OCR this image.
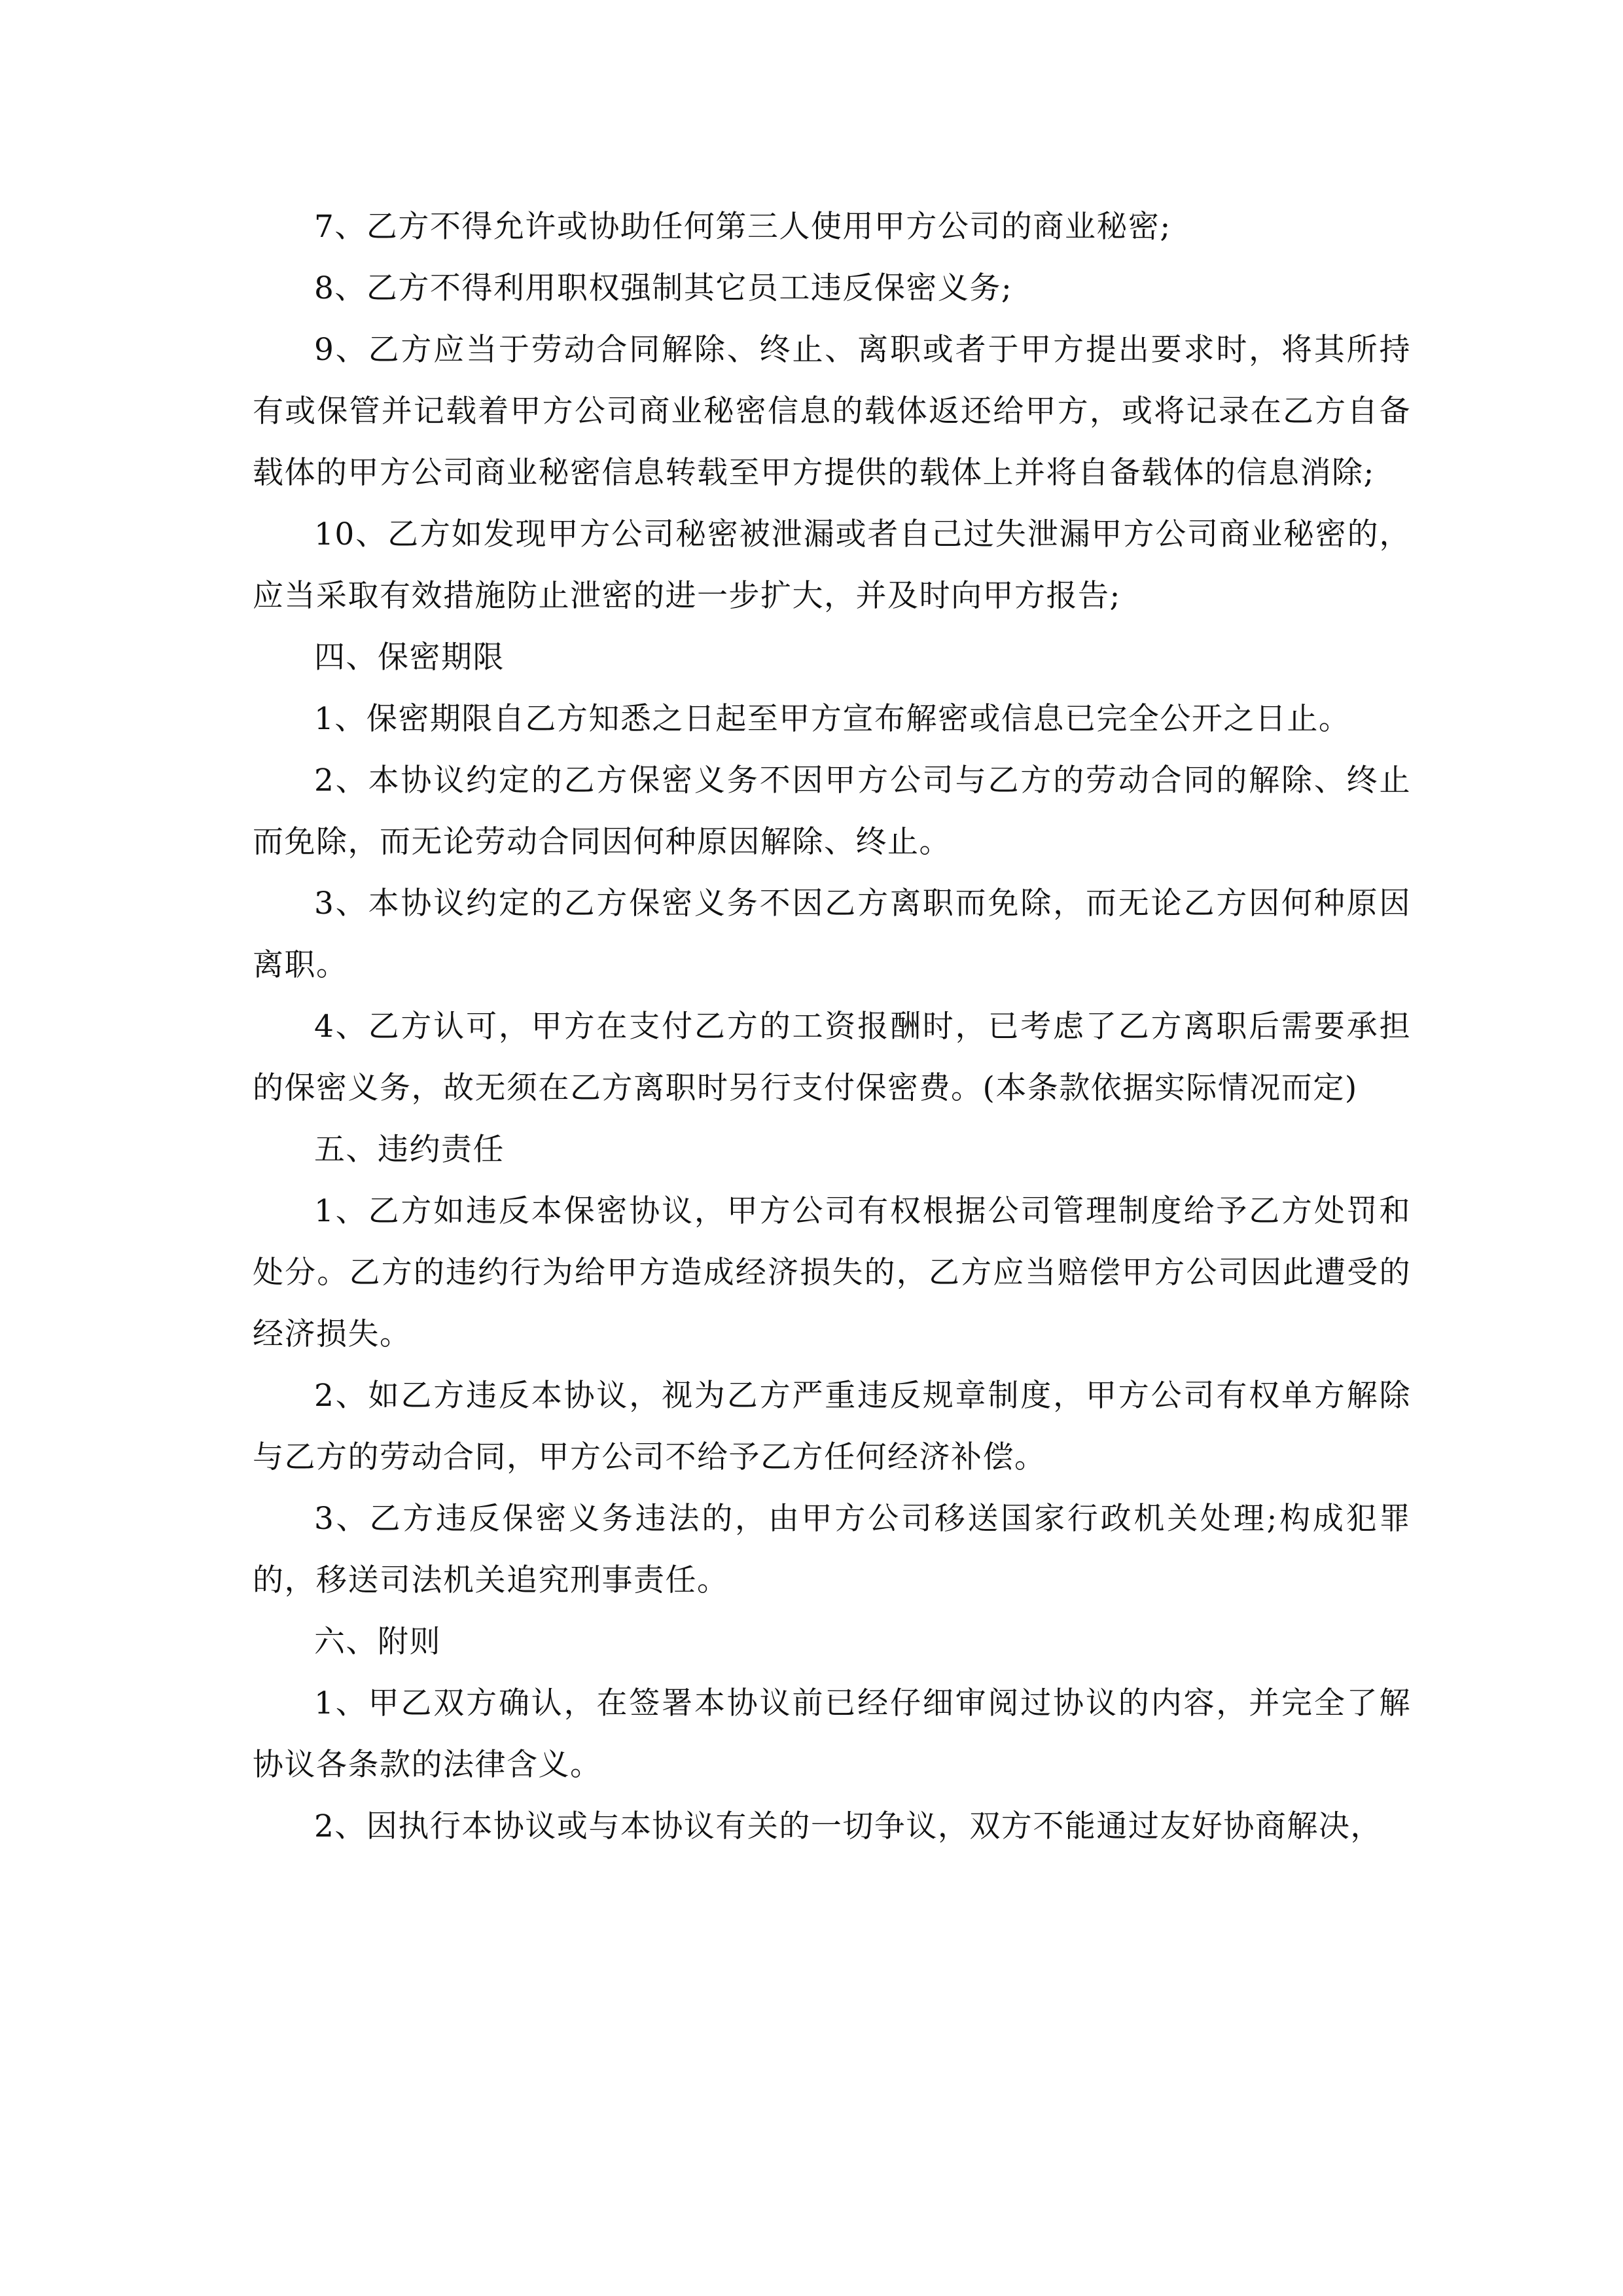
7、乙方不得允许或协助任何第三人使用甲方公司的商业秘密;

8、乙方不得利用职权强制其它员工违反保密义务;

9、乙方应当于劳动合同解除、终止、离职或者于甲方提出要求时，将其所持有或保管并记载着甲方公司商业秘密信息的载体返还给甲方，或将记录在乙方自备载体的甲方公司商业秘密信息转载至甲方提供的载体上并将自备载体的信息消除;

10、乙方如发现甲方公司秘密被泄漏或者自己过失泄漏甲方公司商业秘密的，应当采取有效措施防止泄密的进一步扩大，并及时向甲方报告;

四、保密期限

1、保密期限自乙方知悉之日起至甲方宣布解密或信息已完全公开之日止。

2、本协议约定的乙方保密义务不因甲方公司与乙方的劳动合同的解除、终止而免除，而无论劳动合同因何种原因解除、终止。

3、本协议约定的乙方保密义务不因乙方离职而免除，而无论乙方因何种原因离职。

4、乙方认可，甲方在支付乙方的工资报酬时，已考虑了乙方离职后需要承担的保密义务，故无须在乙方离职时另行支付保密费。(本条款依据实际情况而定)

五、违约责任

1、乙方如违反本保密协议，甲方公司有权根据公司管理制度给予乙方处罚和处分。乙方的违约行为给甲方造成经济损失的，乙方应当赔偿甲方公司因此遭受的经济损失。

2、如乙方违反本协议，视为乙方严重违反规章制度，甲方公司有权单方解除与乙方的劳动合同，甲方公司不给予乙方任何经济补偿。

3、乙方违反保密义务违法的，由甲方公司移送国家行政机关处理;构成犯罪的，移送司法机关追究刑事责任。

六、附则

1、甲乙双方确认，在签署本协议前已经仔细审阅过协议的内容，并完全了解协议各条款的法律含义。

2、因执行本协议或与本协议有关的一切争议，双方不能通过友好协商解决，
